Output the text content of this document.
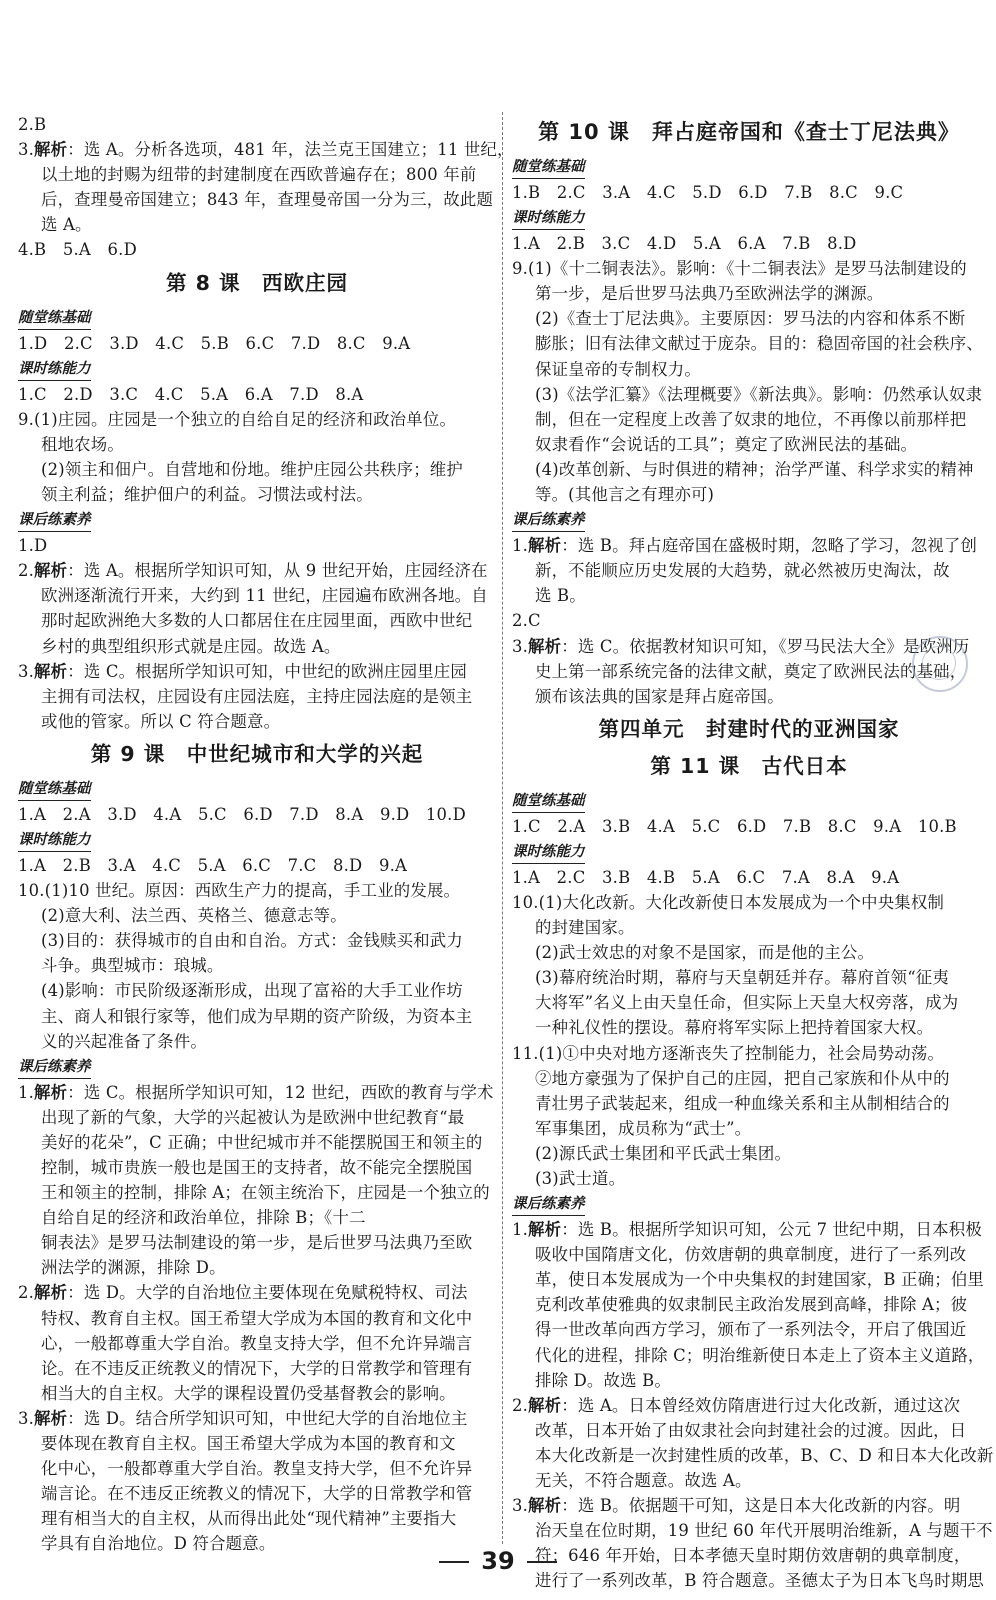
2.B
3.解析：选 A。分析各选项，481 年，法兰克王国建立；11 世纪，
以土地的封赐为纽带的封建制度在西欧普遍存在；800 年前
后，查理曼帝国建立；843 年，查理曼帝国一分为三，故此题
选 A。
4.B　5.A　6.D
第 8 课　西欧庄园
随堂练基础
1.D　2.C　3.D　4.C　5.B　6.C　7.D　8.C　9.A
课时练能力
1.C　2.D　3.C　4.C　5.A　6.A　7.D　8.A
9.(1)庄园。庄园是一个独立的自给自足的经济和政治单位。
租地农场。
(2)领主和佃户。自营地和份地。维护庄园公共秩序；维护
领主利益；维护佃户的利益。习惯法或村法。
课后练素养
1.D
2.解析：选 A。根据所学知识可知，从 9 世纪开始，庄园经济在
欧洲逐渐流行开来，大约到 11 世纪，庄园遍布欧洲各地。自
那时起欧洲绝大多数的人口都居住在庄园里面，西欧中世纪
乡村的典型组织形式就是庄园。故选 A。
3.解析：选 C。根据所学知识可知，中世纪的欧洲庄园里庄园
主拥有司法权，庄园设有庄园法庭，主持庄园法庭的是领主
或他的管家。所以 C 符合题意。
第 9 课　中世纪城市和大学的兴起
随堂练基础
1.A　2.A　3.D　4.A　5.C　6.D　7.D　8.A　9.D　10.D
课时练能力
1.A　2.B　3.A　4.C　5.A　6.C　7.C　8.D　9.A
10.(1)10 世纪。原因：西欧生产力的提高，手工业的发展。
(2)意大利、法兰西、英格兰、德意志等。
(3)目的：获得城市的自由和自治。方式：金钱赎买和武力
斗争。典型城市：琅城。
(4)影响：市民阶级逐渐形成，出现了富裕的大手工业作坊
主、商人和银行家等，他们成为早期的资产阶级，为资本主
义的兴起准备了条件。
课后练素养
1.解析：选 C。根据所学知识可知，12 世纪，西欧的教育与学术
出现了新的气象，大学的兴起被认为是欧洲中世纪教育“最
美好的花朵”，C 正确；中世纪城市并不能摆脱国王和领主的
控制，城市贵族一般也是国王的支持者，故不能完全摆脱国
王和领主的控制，排除 A；在领主统治下，庄园是一个独立的
自给自足的经济和政治单位，排除 B；《十二
铜表法》是罗马法制建设的第一步，是后世罗马法典乃至欧
洲法学的渊源，排除 D。
2.解析：选 D。大学的自治地位主要体现在免赋税特权、司法
特权、教育自主权。国王希望大学成为本国的教育和文化中
心，一般都尊重大学自治。教皇支持大学，但不允许异端言
论。在不违反正统教义的情况下，大学的日常教学和管理有
相当大的自主权。大学的课程设置仍受基督教会的影响。
3.解析：选 D。结合所学知识可知，中世纪大学的自治地位主
要体现在教育自主权。国王希望大学成为本国的教育和文
化中心，一般都尊重大学自治。教皇支持大学，但不允许异
端言论。在不违反正统教义的情况下，大学的日常教学和管
理有相当大的自主权，从而得出此处“现代精神”主要指大
学具有自治地位。D 符合题意。
第 10 课　拜占庭帝国和《查士丁尼法典》
随堂练基础
1.B　2.C　3.A　4.C　5.D　6.D　7.B　8.C　9.C
课时练能力
1.A　2.B　3.C　4.D　5.A　6.A　7.B　8.D
9.(1)《十二铜表法》。影响：《十二铜表法》是罗马法制建设的
第一步，是后世罗马法典乃至欧洲法学的渊源。
(2)《查士丁尼法典》。主要原因：罗马法的内容和体系不断
膨胀；旧有法律文献过于庞杂。目的：稳固帝国的社会秩序、
保证皇帝的专制权力。
(3)《法学汇纂》《法理概要》《新法典》。影响：仍然承认奴隶
制，但在一定程度上改善了奴隶的地位，不再像以前那样把
奴隶看作“会说话的工具”；奠定了欧洲民法的基础。
(4)改革创新、与时俱进的精神；治学严谨、科学求实的精神
等。(其他言之有理亦可)
课后练素养
1.解析：选 B。拜占庭帝国在盛极时期，忽略了学习，忽视了创
新，不能顺应历史发展的大趋势，就必然被历史淘汰，故
选 B。
2.C
3.解析：选 C。依据教材知识可知，《罗马民法大全》是欧洲历
史上第一部系统完备的法律文献，奠定了欧洲民法的基础，
颁布该法典的国家是拜占庭帝国。
第四单元　封建时代的亚洲国家
第 11 课　古代日本
随堂练基础
1.C　2.A　3.B　4.A　5.C　6.D　7.B　8.C　9.A　10.B
课时练能力
1.A　2.C　3.B　4.B　5.A　6.C　7.A　8.A　9.A
10.(1)大化改新。大化改新使日本发展成为一个中央集权制
的封建国家。
(2)武士效忠的对象不是国家，而是他的主公。
(3)幕府统治时期，幕府与天皇朝廷并存。幕府首领“征夷
大将军”名义上由天皇任命，但实际上天皇大权旁落，成为
一种礼仪性的摆设。幕府将军实际上把持着国家大权。
11.(1)①中央对地方逐渐丧失了控制能力，社会局势动荡。
②地方豪强为了保护自己的庄园，把自己家族和仆从中的
青壮男子武装起来，组成一种血缘关系和主从制相结合的
军事集团，成员称为“武士”。
(2)源氏武士集团和平氏武士集团。
(3)武士道。
课后练素养
1.解析：选 B。根据所学知识可知，公元 7 世纪中期，日本积极
吸收中国隋唐文化，仿效唐朝的典章制度，进行了一系列改
革，使日本发展成为一个中央集权的封建国家，B 正确；伯里
克利改革使雅典的奴隶制民主政治发展到高峰，排除 A；彼
得一世改革向西方学习，颁布了一系列法令，开启了俄国近
代化的进程，排除 C；明治维新使日本走上了资本主义道路，
排除 D。故选 B。
2.解析：选 A。日本曾经效仿隋唐进行过大化改新，通过这次
改革，日本开始了由奴隶社会向封建社会的过渡。因此，日
本大化改新是一次封建性质的改革，B、C、D 和日本大化改新
无关，不符合题意。故选 A。
3.解析：选 B。依据题干可知，这是日本大化改新的内容。明
治天皇在位时期，19 世纪 60 年代开展明治维新，A 与题干不
符；646 年开始，日本孝德天皇时期仿效唐朝的典章制度，
进行了一系列改革，B 符合题意。圣德太子为日本飞鸟时期思
39
